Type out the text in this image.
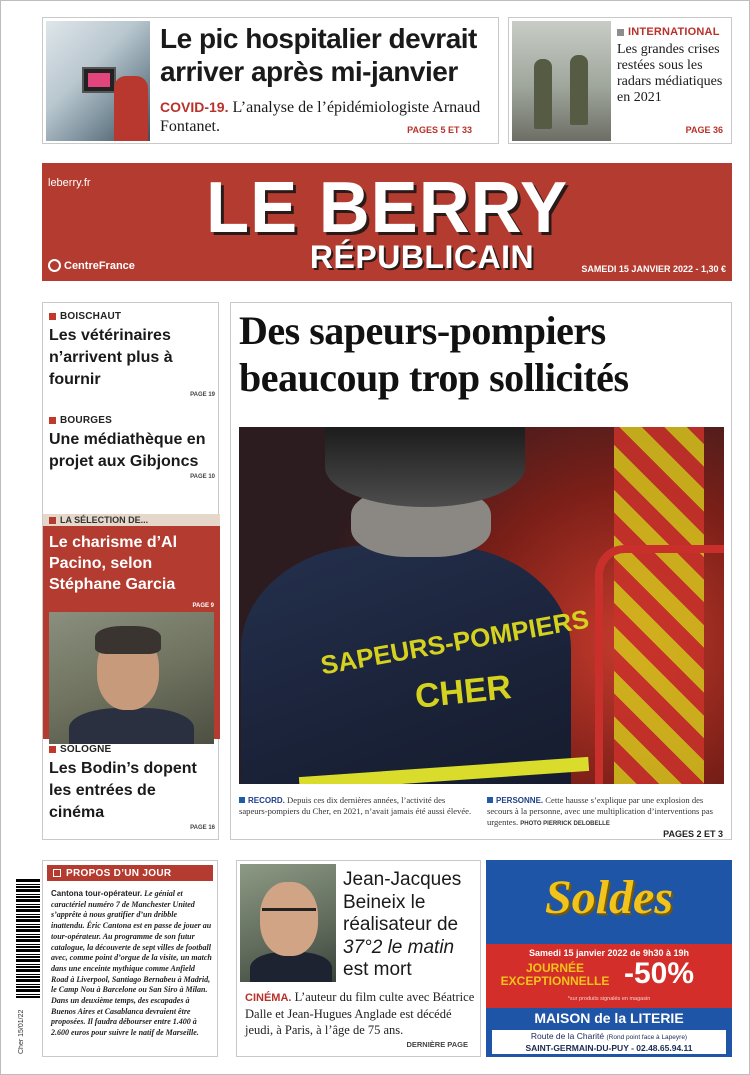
Le pic hospitalier devrait arriver après mi-janvier
COVID-19. L’analyse de l’épidémiologiste Arnaud Fontanet.	PAGES 5 ET 33
INTERNATIONAL
Les grandes crises restées sous les radars médiatiques en 2021
PAGE 36
leberry.fr	LE BERRY
RÉPUBLICAIN
CentreFrance	SAMEDI 15 JANVIER 2022 - 1,30 €
BOISCHAUT
Les vétérinaires n’arrivent plus à fournir
PAGE 19
BOURGES
Une médiathèque en projet aux Gibjoncs
PAGE 10
LA SÉLECTION DE...
Le charisme d’Al Pacino, selon Stéphane Garcia
PAGE 9
SOLOGNE
Les Bodin’s dopent les entrées de cinéma
PAGE 16
Des sapeurs-pompiers beaucoup trop sollicités
SAPEURS-POMPIERS
CHER
RECORD. Depuis ces dix dernières années, l’activité des sapeurs-pompiers du Cher, en 2021, n’avait jamais été aussi élevée.
PERSONNE. Cette hausse s’explique par une explosion des secours à la personne, avec une multiplication d’interventions pas urgentes. PHOTO PIERRICK DELOBELLE
PAGES 2 ET 3
Cher 15/01/22
PROPOS D’UN JOUR
Cantona tour-opérateur. Le génial et caractériel numéro 7 de Manchester United s’apprête à nous gratifier d’un dribble inattendu. Éric Cantona est en passe de jouer au tour-opérateur. Au programme de son futur catalogue, la découverte de sept villes de football avec, comme point d’orgue de la visite, un match dans une enceinte mythique comme Anfield Road à Liverpool, Santiago Bernabeu à Madrid, le Camp Nou à Barcelone ou San Siro à Milan. Dans un deuxième temps, des escapades à Buenos Aires et Casablanca devraient être proposées. Il faudra débourser entre 1.400 à 2.600 euros pour suivre le natif de Marseille.
Jean-Jacques Beineix le réalisateur de 37°2 le matin est mort
CINÉMA. L’auteur du film culte avec Béatrice Dalle et Jean-Hugues Anglade est décédé jeudi, à Paris, à l’âge de 75 ans.
DERNIÈRE PAGE
Soldes
Samedi 15 janvier 2022 de 9h30 à 19h
JOURNÉE EXCEPTIONNELLE -50%
*sur produits signalés en magasin
MAISON de la LITERIE
Route de la Charité (Rond point face à Lapeyre)
SAINT-GERMAIN-DU-PUY - 02.48.65.94.11
